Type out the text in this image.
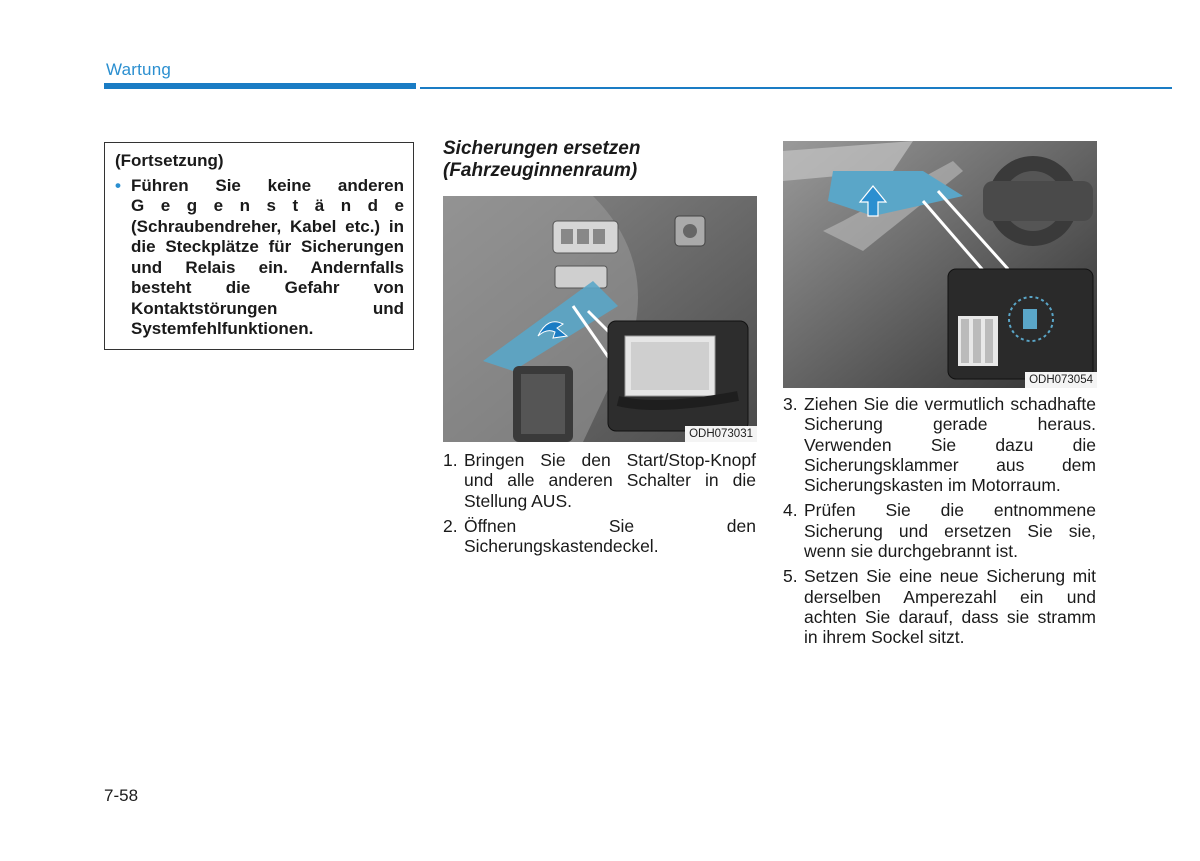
Wartung
(Fortsetzung)
• Führen Sie keine anderen
G e g e n s t ä n d e
(Schraubendreher, Kabel etc.) in die Steckplätze für Sicherungen und Relais ein. Andernfalls besteht die Gefahr von Kontaktstörungen und Systemfehlfunktionen.
Sicherungen ersetzen (Fahrzeuginnenraum)
ODH073031
ODH073054
1. Bringen Sie den Start/Stop-Knopf und alle anderen Schalter in die Stellung AUS.
2. Öffnen Sie den Sicherungskastendeckel.
3. Ziehen Sie die vermutlich schadhafte Sicherung gerade heraus. Verwenden Sie dazu die Sicherungsklammer aus dem Sicherungskasten im Motorraum.
4. Prüfen Sie die entnommene Sicherung und ersetzen Sie sie, wenn sie durchgebrannt ist.
5. Setzen Sie eine neue Sicherung mit derselben Amperezahl ein und achten Sie darauf, dass sie stramm in ihrem Sockel sitzt.
7-58
